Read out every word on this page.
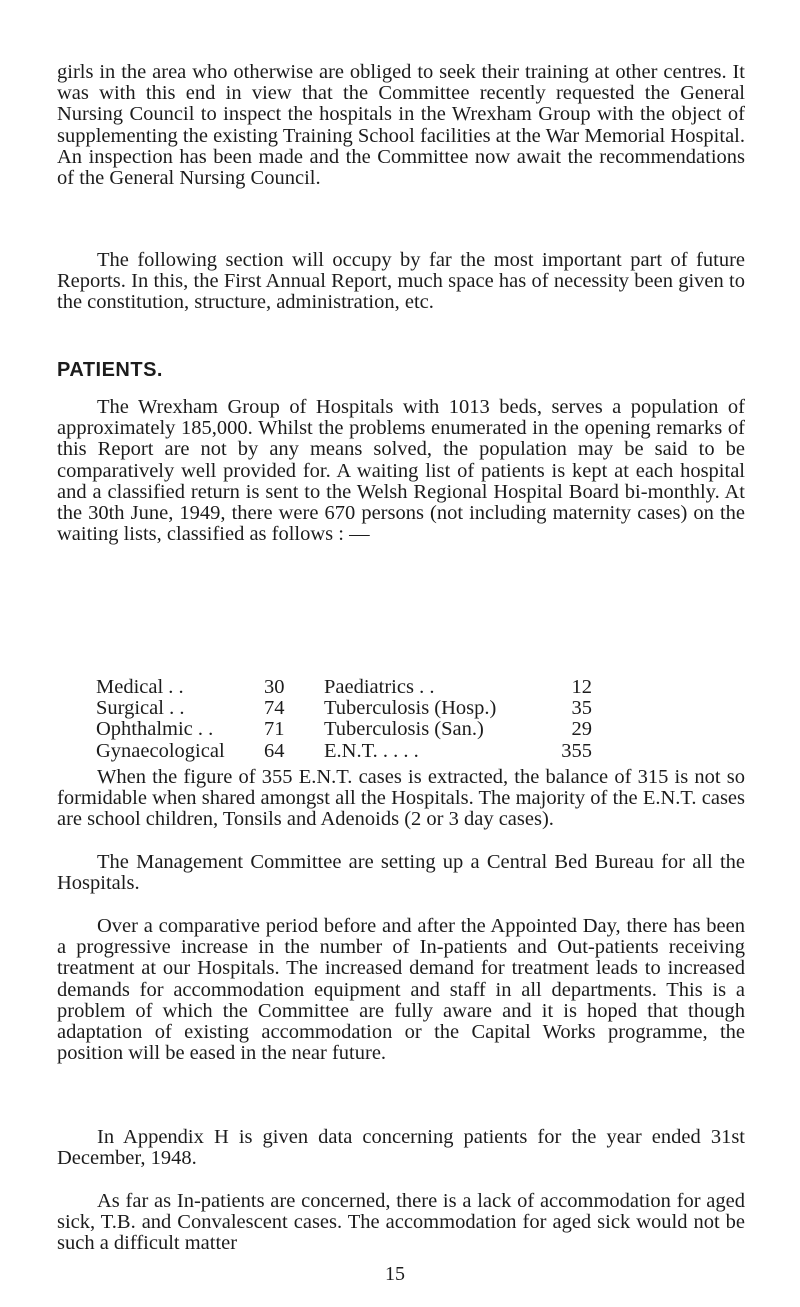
girls in the area who otherwise are obliged to seek their training at other centres. It was with this end in view that the Committee recently requested the General Nursing Council to inspect the hospitals in the Wrexham Group with the object of supplementing the existing Training School facilities at the War Memorial Hospital. An inspection has been made and the Committee now await the recommendations of the General Nursing Council.

The following section will occupy by far the most important part of future Reports. In this, the First Annual Report, much space has of necessity been given to the constitution, structure, administration, etc.

PATIENTS.

The Wrexham Group of Hospitals with 1013 beds, serves a population of approximately 185,000. Whilst the problems enumerated in the opening remarks of this Report are not by any means solved, the population may be said to be comparatively well provided for. A waiting list of patients is kept at each hospital and a classified return is sent to the Welsh Regional Hospital Board bi-monthly. At the 30th June, 1949, there were 670 persons (not including maternity cases) on the waiting lists, classified as follows : —

Medical . .	30	Paediatrics . .	12
Surgical . .	74	Tuberculosis (Hosp.)	35
Ophthalmic . .	71	Tuberculosis (San.)	29
Gynaecological	64	E.N.T. . . . .	355

When the figure of 355 E.N.T. cases is extracted, the balance of 315 is not so formidable when shared amongst all the Hospitals. The majority of the E.N.T. cases are school children, Tonsils and Adenoids (2 or 3 day cases).

The Management Committee are setting up a Central Bed Bureau for all the Hospitals.

Over a comparative period before and after the Appointed Day, there has been a progressive increase in the number of In-patients and Out-patients receiving treatment at our Hospitals. The increased demand for treatment leads to increased demands for accommodation equipment and staff in all departments. This is a problem of which the Committee are fully aware and it is hoped that though adaptation of existing accommodation or the Capital Works programme, the position will be eased in the near future.

In Appendix H is given data concerning patients for the year ended 31st December, 1948.

As far as In-patients are concerned, there is a lack of accommodation for aged sick, T.B. and Convalescent cases. The accommodation for aged sick would not be such a difficult matter

15
